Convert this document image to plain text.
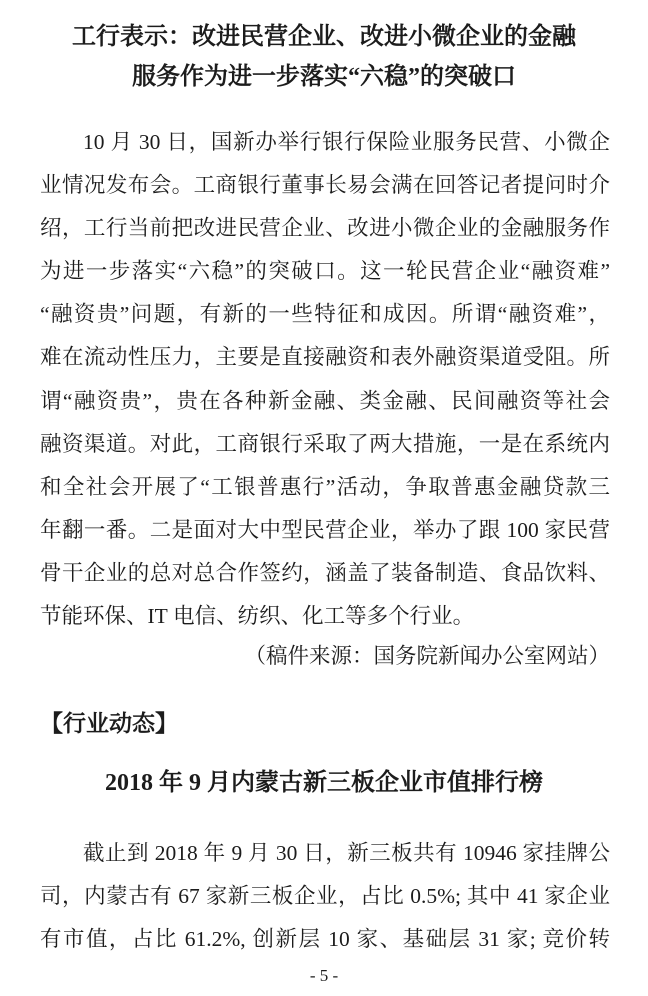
工行表示：改进民营企业、改进小微企业的金融
服务作为进一步落实“六稳”的突破口
10 月 30 日，国新办举行银行保险业服务民营、小微企
业情况发布会。工商银行董事长易会满在回答记者提问时介
绍，工行当前把改进民营企业、改进小微企业的金融服务作
为进一步落实“六稳”的突破口。这一轮民营企业“融资难”
“融资贵”问题，有新的一些特征和成因。所谓“融资难”，
难在流动性压力，主要是直接融资和表外融资渠道受阻。所
谓“融资贵”，贵在各种新金融、类金融、民间融资等社会
融资渠道。对此，工商银行采取了两大措施，一是在系统内
和全社会开展了“工银普惠行”活动，争取普惠金融贷款三
年翻一番。二是面对大中型民营企业，举办了跟 100 家民营
骨干企业的总对总合作签约，涵盖了装备制造、食品饮料、
节能环保、IT 电信、纺织、化工等多个行业。
（稿件来源：国务院新闻办公室网站）
【行业动态】
2018 年 9 月内蒙古新三板企业市值排行榜
截止到 2018 年 9 月 30 日，新三板共有 10946 家挂牌公
司，内蒙古有 67 家新三板企业，占比 0.5%; 其中 41 家企业
有市值，占比 61.2%, 创新层 10 家、基础层 31 家; 竞价转
- 5 -
